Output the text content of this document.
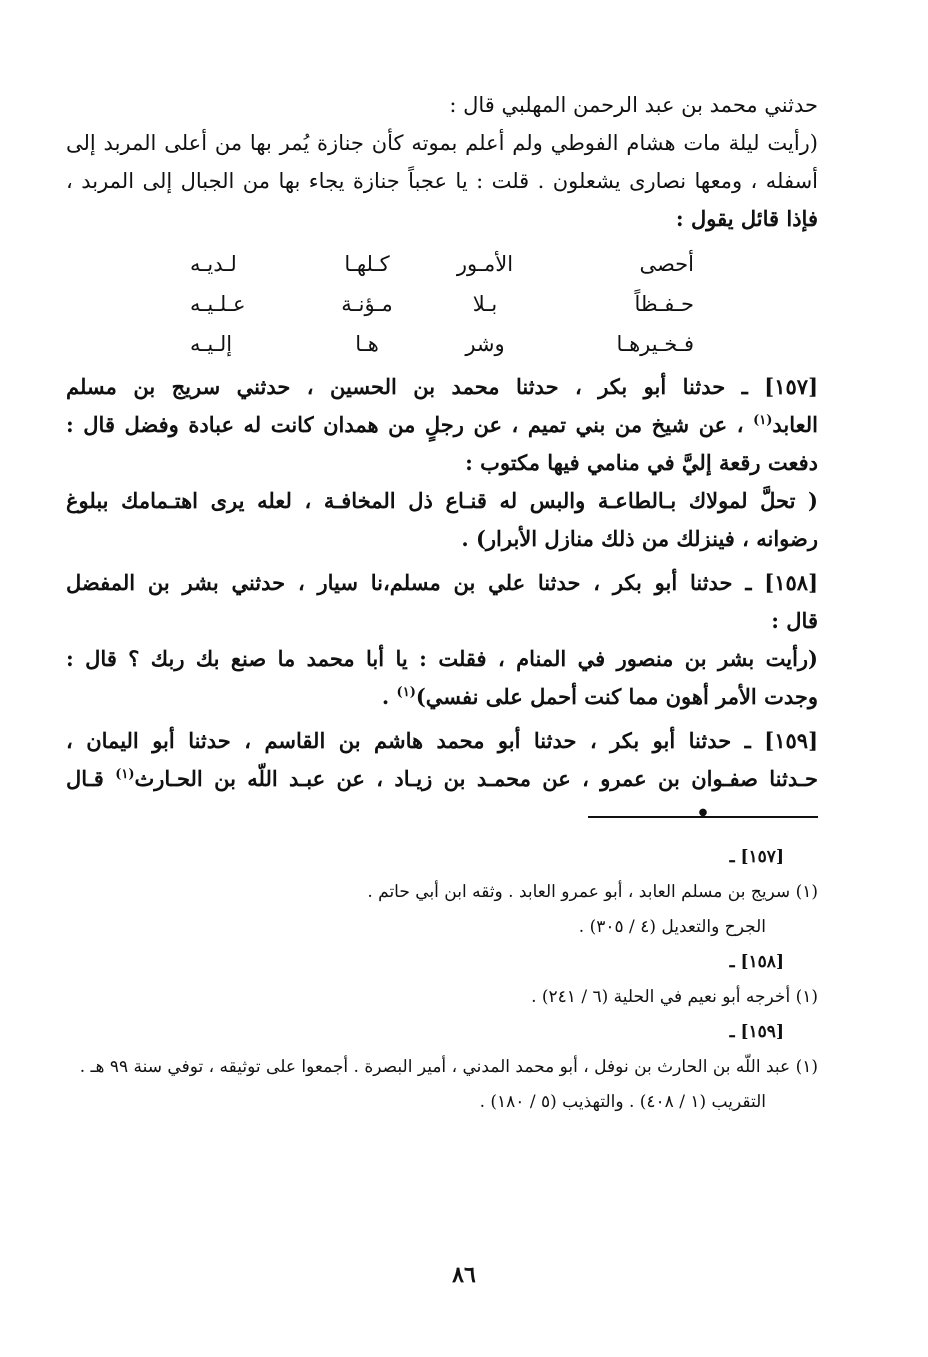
حدثني محمد بن عبد الرحمن المهلبي قال :
(رأيت ليلة مات هشام الفوطي ولم أعلم بموته كأن جنازة يُمر بها من أعلى المربد إلى
أسفله ، ومعها نصارى يشعلون . قلت : يا عجباً جنازة يجاء بها من الجبال إلى المربد ،
فإذا قائل يقول :
أحصى
الأمـور
كـلهـا
لـديـه
حـفـظاً
بـلا
مـؤنـة
عـلـيـه
فـخـيرهـا
وشر
هـا
إلـيـه
[١٥٧] ـ حدثنا أبو بكر ، حدثنا محمد بن الحسين ، حدثني سريج بن مسلم
العابد$^{(١)}$ ، عن شيخ من بني تميم ، عن رجلٍ من همدان كانت له عبادة وفضل قال :
دفعت رقعة إليَّ في منامي فيها مكتوب :
( تحلَّ لمولاك بـالطاعـة والبس له قنـاع ذل المخافـة ، لعله يرى اهتـمامك ببلوغ
رضوانه ، فينزلك من ذلك منازل الأبرار) .
[١٥٨] ـ حدثنا أبو بكر ، حدثنا علي بن مسلم،نا سيار ، حدثني بشر بن المفضل
قال :
(رأيت بشر بن منصور في المنام ، فقلت : يا أبا محمد ما صنع بك ربك ؟ قال :
وجدت الأمر أهون مما كنت أحمل على نفسي)$^{(١)}$ .
[١٥٩] ـ حدثنا أبو بكر ، حدثنا أبو محمد هاشم بن القاسم ، حدثنا أبو اليمان ،
حـدثنا صفـوان بن عمرو ، عن محمـد بن زيـاد ، عن عبـد اللّه بن الحـارث$^{(١)}$ قـال
●
[١٥٧] ـ
(١) سريج بن مسلم العابد ، أبو عمرو العابد . وثقه ابن أبي حاتم .
الجرح والتعديل (٤ / ٣٠٥) .
[١٥٨] ـ
(١) أخرجه أبو نعيم في الحلية (٦ / ٢٤١) .
[١٥٩] ـ
(١) عبد اللّه بن الحارث بن نوفل ، أبو محمد المدني ، أمير البصرة . أجمعوا على توثيقه ، توفي سنة ٩٩ هـ .
التقريب (١ / ٤٠٨) . والتهذيب (٥ / ١٨٠) .
٨٦
